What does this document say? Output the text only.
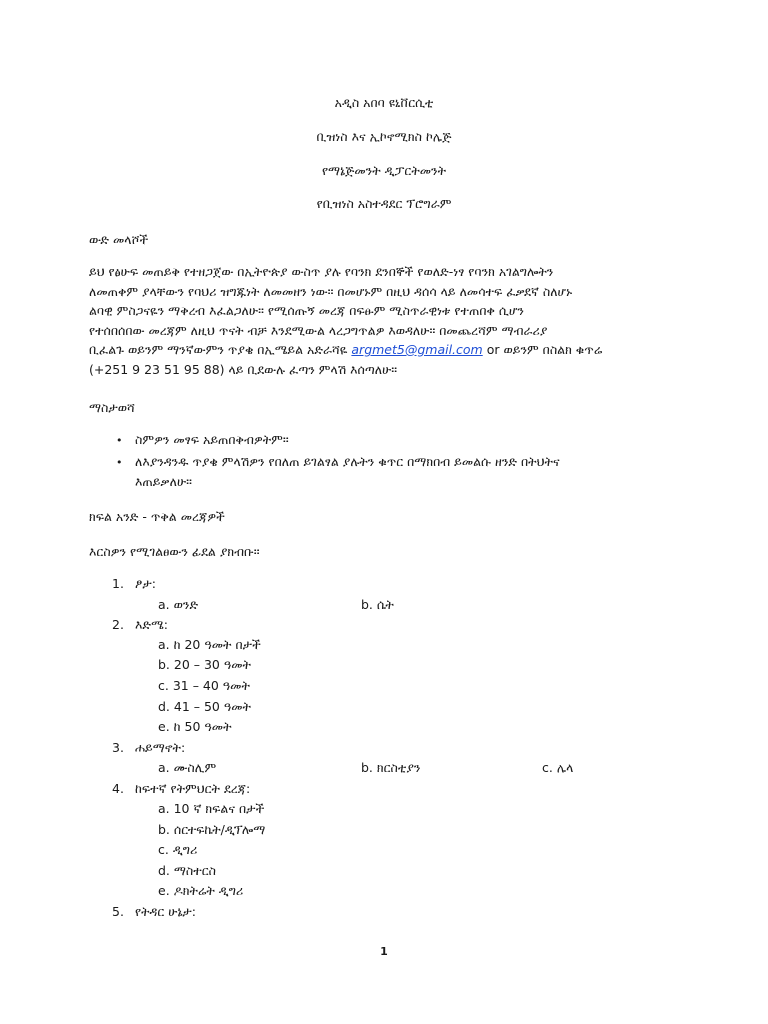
አዲስ አበባ ዩኒቨርሲቲ
ቢዝነስ እና ኢኮኖሚክስ ኮሌጅ
የማኔጅመንት ዲፓርትመንት
የቢዝነስ አስተዳደር ፕሮግራም
ውድ መላሾች
ይህ የፅሁፍ መጠይቅ የተዘጋጀው በኢትዮጵያ ውስጥ ያሉ የባንክ ደንበኞች የወለድ-ነፃ የባንክ አገልግሎትን
ለመጠቀም ያላቸውን የባህሪ ዝግጁነት ለመመዘን ነው። በመሆኑም በዚህ ዳሰሳ ላይ ለመሳተፍ ፈቃደኛ ስለሆኑ
ልባዊ ምስጋናዬን ማቅረብ እፈልጋለሁ። የሚሰጡኝ መረጃ በፍፁም ሚስጥራዊነቱ የተጠበቀ ሲሆን
የተሰበሰበው መረጃም ለዚህ ጥናት ብቻ እንደሚውል ላረጋግጥልዎ እወዳለሁ። በመጨረሻም ማብራሪያ
ቢፈልጉ ወይንም ማንኛውምን ጥያቄ በኢሜይል አድራሻዬ argmet5@gmail.com or ወይንም በስልክ ቁጥሬ
(+251 9 23 51 95 88) ላይ ቢደውሉ ፈጣን ምላሽ እሰጣለሁ።
ማስታወሻ
• ስምዎን መፃፍ አይጠበቅብዎትም።
• ለእያንዳንዱ ጥያቄ ምላሽዎን የበለጠ ይገልፃል ያሉትን ቁጥር በማክበብ ይመልሱ ዘንድ በትህትና
እጠይቃለሁ።
ክፍል አንድ - ጥቅል መረጃዎች
እርስዎን የሚገልፀውን ፊደል ያክብቡ።
1. ፆታ:
a. ወንድ	b. ሴት
2. እድሜ:
a. ከ 20 ዓመት በታች
b. 20 – 30 ዓመት
c. 31 – 40 ዓመት
d. 41 – 50 ዓመት
e. ከ 50 ዓመት
3. ሐይማኖት:
a. ሙስሊም	b. ክርስቲያን	c. ሌላ
4. ከፍተኛ የትምህርት ደረጃ:
a. 10 ኛ ክፍልና በታች
b. ሰርተፍኬት/ዲፕሎማ
c. ዲግሪ
d. ማስተርስ
e. ዶክትሬት ዲግሪ
5. የትዳር ሁኔታ:
1
